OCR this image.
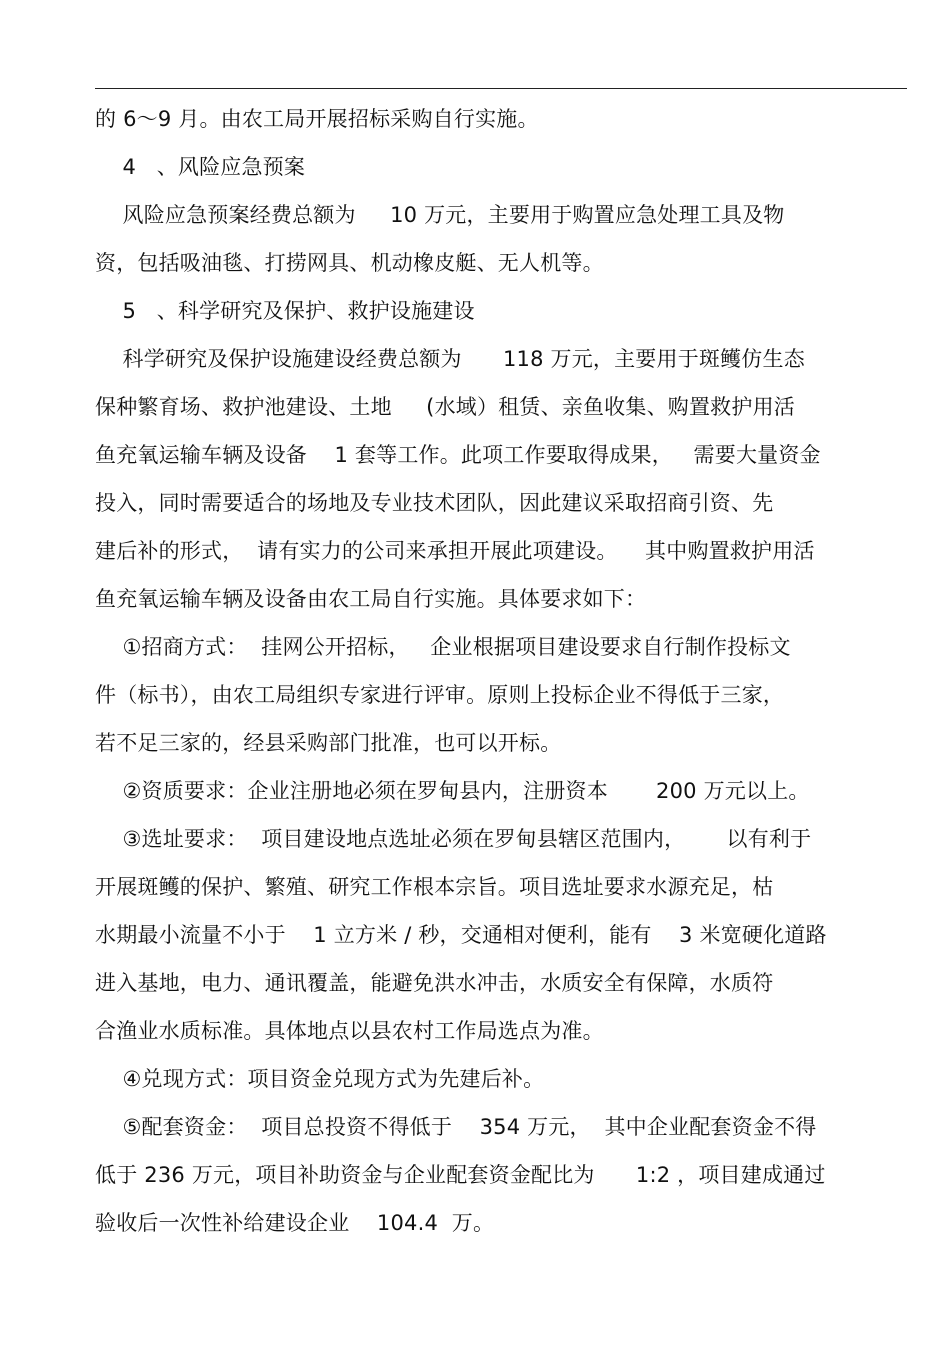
的 6～9 月。由农工局开展招标采购自行实施。
4   、风险应急预案
风险应急预案经费总额为     10 万元，主要用于购置应急处理工具及物
资，包括吸油毯、打捞网具、机动橡皮艇、无人机等。
5   、科学研究及保护、救护设施建设
科学研究及保护设施建设经费总额为      118 万元，主要用于斑鳠仿生态
保种繁育场、救护池建设、土地     (水域）租赁、亲鱼收集、购置救护用活
鱼充氧运输车辆及设备    1 套等工作。此项工作要取得成果，   需要大量资金
投入，同时需要适合的场地及专业技术团队，因此建议采取招商引资、先
建后补的形式，  请有实力的公司来承担开展此项建设。    其中购置救护用活
鱼充氧运输车辆及设备由农工局自行实施。具体要求如下：
①招商方式：  挂网公开招标，   企业根据项目建设要求自行制作投标文
件（标书），由农工局组织专家进行评审。原则上投标企业不得低于三家，
若不足三家的，经县采购部门批准，也可以开标。
②资质要求：企业注册地必须在罗甸县内，注册资本       200 万元以上。
③选址要求：  项目建设地点选址必须在罗甸县辖区范围内，      以有利于
开展斑鳠的保护、繁殖、研究工作根本宗旨。项目选址要求水源充足，枯
水期最小流量不小于    1 立方米 / 秒，交通相对便利，能有    3 米宽硬化道路
进入基地，电力、通讯覆盖，能避免洪水冲击，水质安全有保障，水质符
合渔业水质标准。具体地点以县农村工作局选点为准。
④兑现方式：项目资金兑现方式为先建后补。
⑤配套资金：  项目总投资不得低于    354 万元，  其中企业配套资金不得
低于 236 万元，项目补助资金与企业配套资金配比为      1:2 ，项目建成通过
验收后一次性补给建设企业    104.4  万。
